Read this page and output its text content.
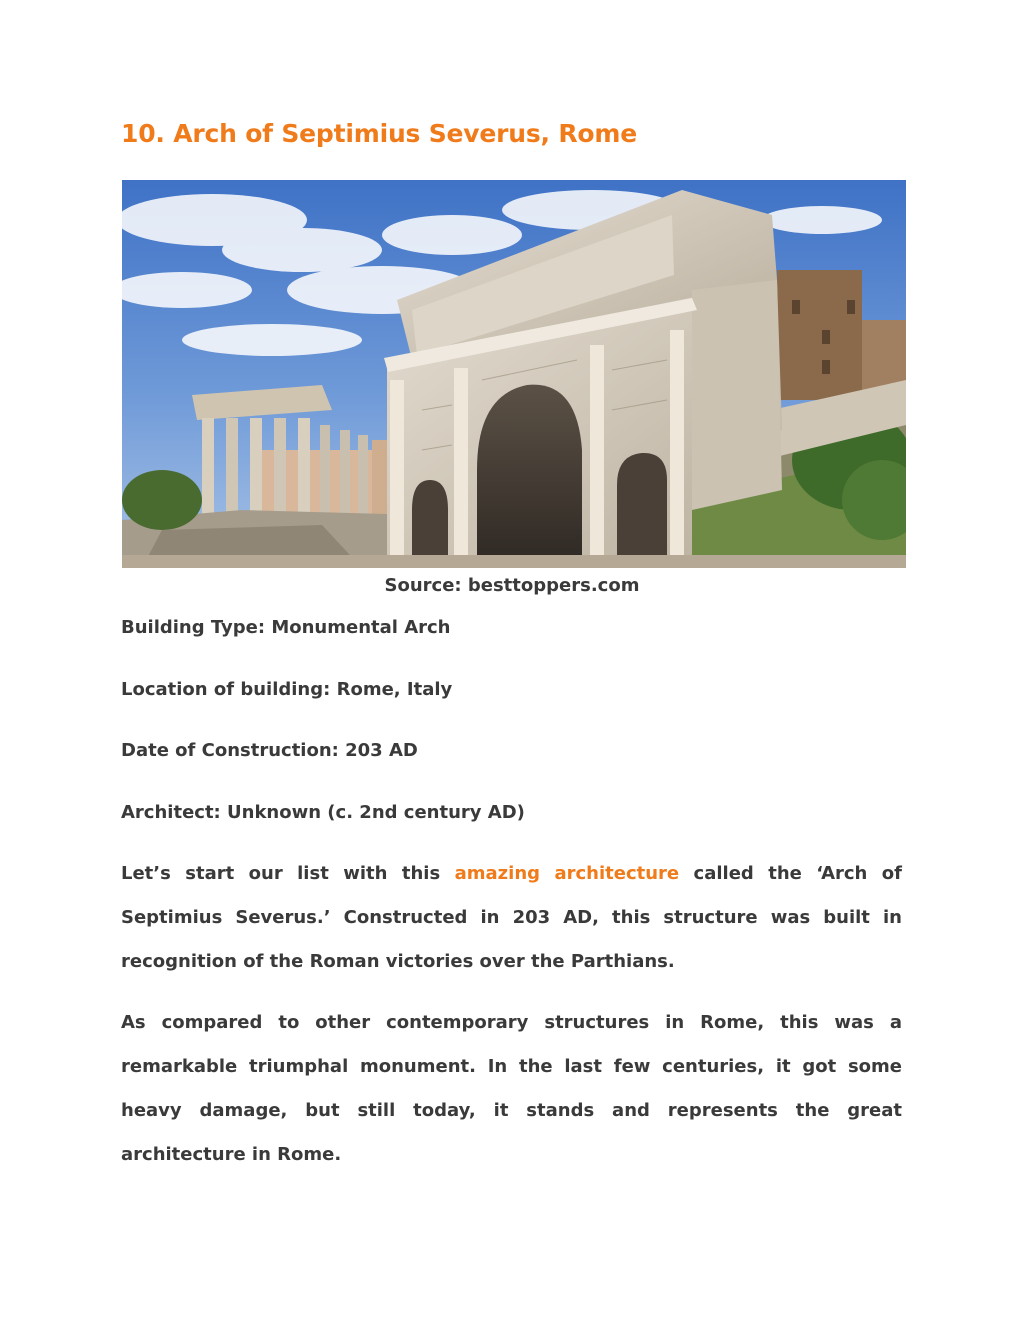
10. Arch of Septimius Severus, Rome
Source: besttoppers.com

Building Type: Monumental Arch

Location of building: Rome, Italy

Date of Construction: 203 AD

Architect: Unknown (c. 2nd century AD)

Let’s start our list with this amazing architecture called the ‘Arch of Septimius Severus.’ Constructed in 203 AD, this structure was built in recognition of the Roman victories over the Parthians.

As compared to other contemporary structures in Rome, this was a remarkable triumphal monument. In the last few centuries, it got some heavy damage, but still today, it stands and represents the great architecture in Rome.
